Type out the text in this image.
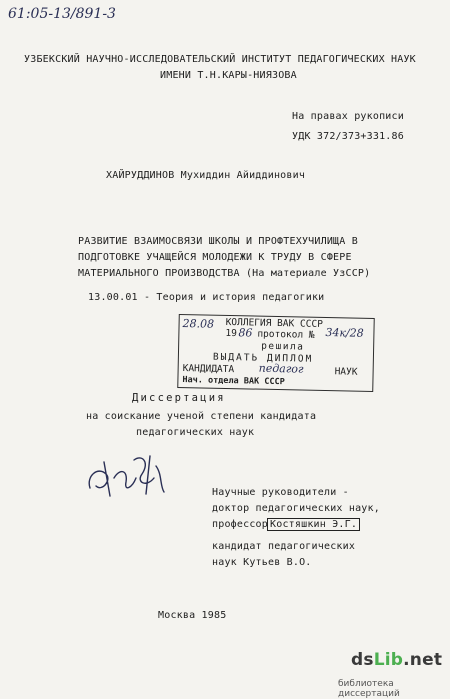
61:05-13/891-3
УЗБЕКСКИЙ НАУЧНО-ИССЛЕДОВАТЕЛЬСКИЙ ИНСТИТУТ ПЕДАГОГИЧЕСКИХ НАУК
ИМЕНИ Т.Н.КАРЫ-НИЯЗОВА
На правах рукописи
УДК 372/373+331.86
ХАЙРУДДИНОВ Мухиддин Айиддинович
РАЗВИТИЕ ВЗАИМОСВЯЗИ ШКОЛЫ И ПРОФТЕХУЧИЛИЩА В
ПОДГОТОВКЕ УЧАЩЕЙСЯ МОЛОДЕЖИ К ТРУДУ В СФЕРЕ
МАТЕРИАЛЬНОГО ПРОИЗВОДСТВА (На материале УзССР)
13.00.01 - Теория и история педагогики
28.08 КОЛЛЕГИЯ ВАК СССР
19 86 протокол № 34к/28
решила
ВЫДАТЬ ДИПЛОМ
КАНДИДАТА педагог	НАУК
Нач. отдела ВАК СССР
Диссертация
на соискание ученой степени кандидата
педагогических наук
Научные руководители -
доктор педагогических наук,
профессор Костяшкин Э.Г.
кандидат педагогических
наук Кутьев В.О.
Москва 1985
dsLib.net
библиотека диссертаций
